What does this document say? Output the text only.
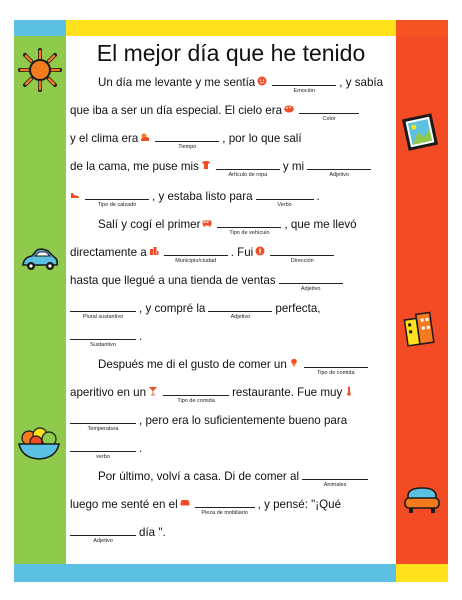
El mejor día que he tenido
Un día me levante y me sentía
Emoción
, y sabía
que iba a ser un día especial. El cielo era
Color
y el clima era
Tiempo
, por lo que salí
de la cama, me puse mis
Artículo de ropa
y mi
Adjetivo
Tipo de calzado
, y estaba listo para
Verbo
.
Salí y cogí el primer
Tipo de vehículo
, que me llevó
directamente a
Municipio/ciudad
. Fui
Dirección
hasta que llegué a una tienda de ventas
Adjetivo
Plural sustantivo
, y compré la
Adjetivo
perfecta,
Sustantivo
.
Después me di el gusto de comer un
Tipo de comida
aperitivo en un
Tipo de comida
restaurante. Fue muy
Temperatura
, pero era lo suficientemente bueno para
verbo
.
Por último, volví a casa. Di de comer al
Animales
luego me senté en el
Pieza de mobiliario
, y pensé: "¡Qué
Adjetivo
día ".
